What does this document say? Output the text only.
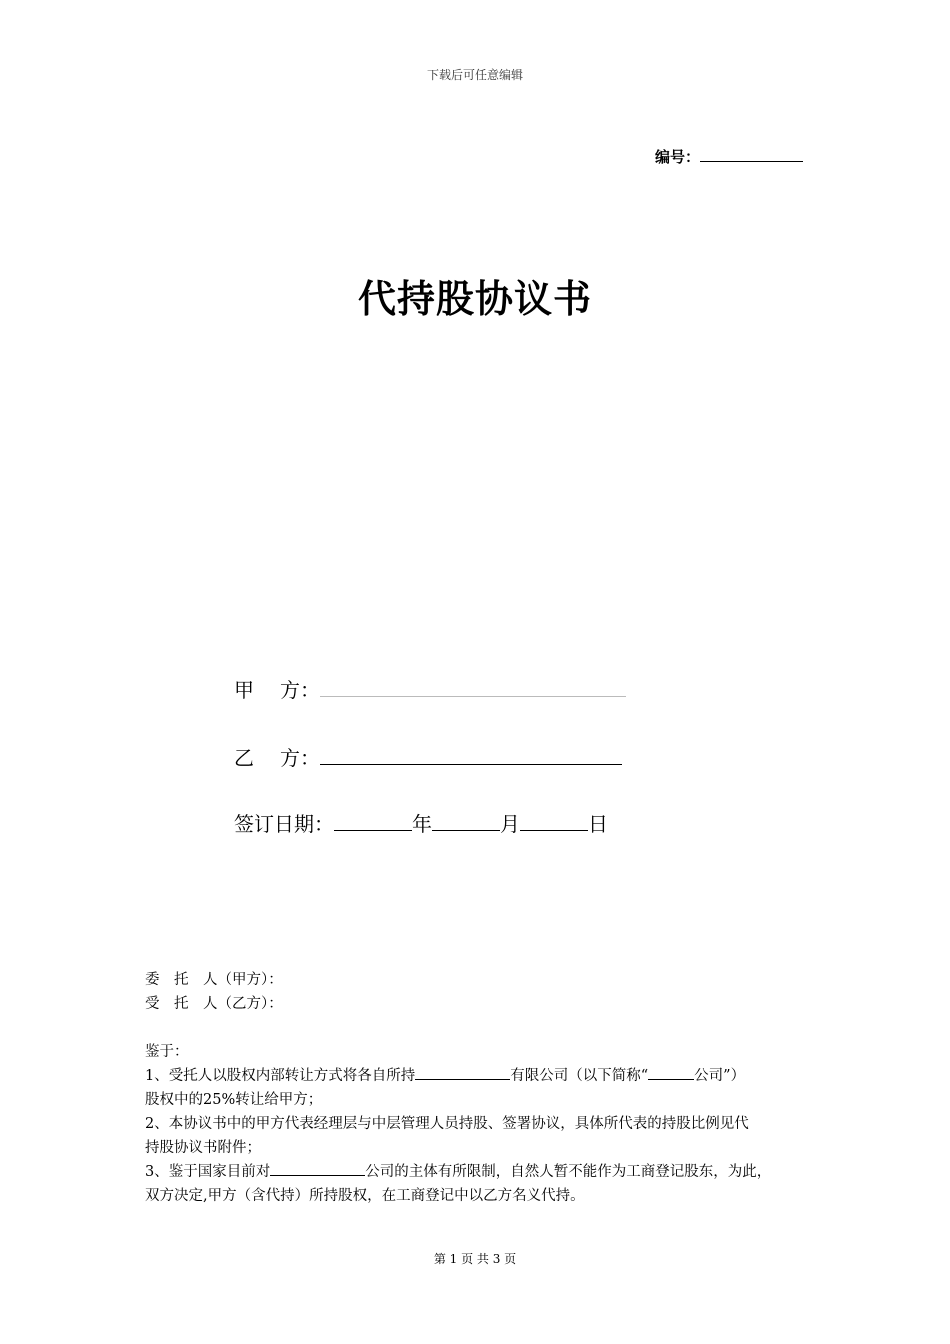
下载后可任意编辑
编号：
代持股协议书
甲 方：
乙 方：
签订日期：	年	月	日

委　托　人（甲方）：

受　托　人（乙方）：

鉴于：

1、受托人以股权内部转让方式将各自所持	有限公司（以下简称“	公司”）

股权中的25%转让给甲方；

2、本协议书中的甲方代表经理层与中层管理人员持股、签署协议，具体所代表的持股比例见代

持股协议书附件；

3、鉴于国家目前对	公司的主体有所限制，自然人暂不能作为工商登记股东，为此，

双方决定,甲方（含代持）所持股权，在工商登记中以乙方名义代持。

第 1 页 共 3 页
